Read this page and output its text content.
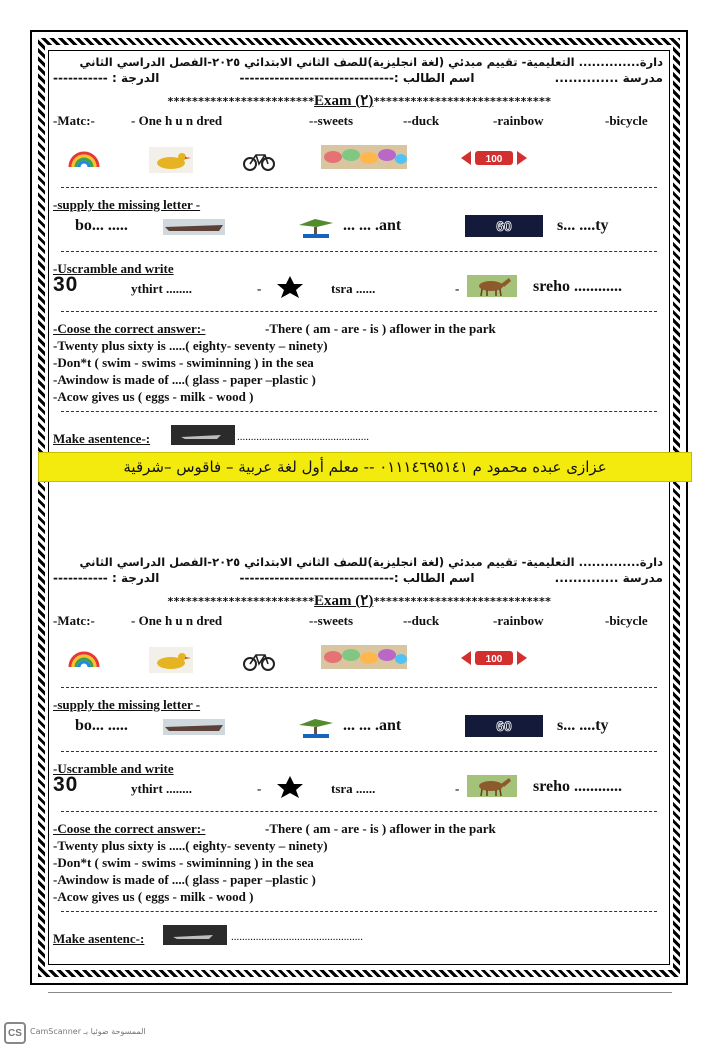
دارة.............. التعليمية- تقييم مبدئي (لغة انجليزية)للصف الثاني الابتدائي ٢٠٢٥-الفصل الدراسي الثاني
مدرسة ..............
اسم الطالب :-------------------------------
الدرجة : -----------
************************Exam (٢)*****************************
-Matc:-	- One h u n dred	--sweets	--duck	-rainbow	-bicycle
100
-supply the missing letter -
bo... .....	... ... .ant	60	s... ....ty
-Uscramble and write
30	ythirt ........	-	tsra ......	-	sreho ............
-Coose the correct answer:-	-There ( am - are - is ) aflower in the park
-Twenty plus sixty is .....( eighty- seventy – ninety)
-Don*t ( swim - swims - swiminning ) in the sea
-Awindow is made of ....( glass - paper –plastic )
-Acow gives us ( eggs - milk - wood )
Make asentence-:	................................................
دارة.............. التعليمية- تقييم مبدئي (لغة انجليزية)للصف الثاني الابتدائي ٢٠٢٥-الفصل الدراسي الثاني
مدرسة ..............
اسم الطالب :-------------------------------
الدرجة : -----------
************************Exam (٢)*****************************
-Matc:-	- One h u n dred	--sweets	--duck	-rainbow	-bicycle
100
-supply the missing letter -
bo... .....	... ... .ant	60	s... ....ty
-Uscramble and write
30	ythirt ........	-	tsra ......	-	sreho ............
-Coose the correct answer:-	-There ( am - are - is ) aflower in the park
-Twenty plus sixty is .....( eighty- seventy – ninety)
-Don*t ( swim - swims - swiminning ) in the sea
-Awindow is made of ....( glass - paper –plastic )
-Acow gives us ( eggs - milk - wood )
Make asentenc-:	................................................
عزازى عبده محمود م ٠١١١٤٦٩٥١٤١ -- معلم أول لغة عربية – فاقوس –شرقية
CS	الممسوحة ضوئيا بـ CamScanner
